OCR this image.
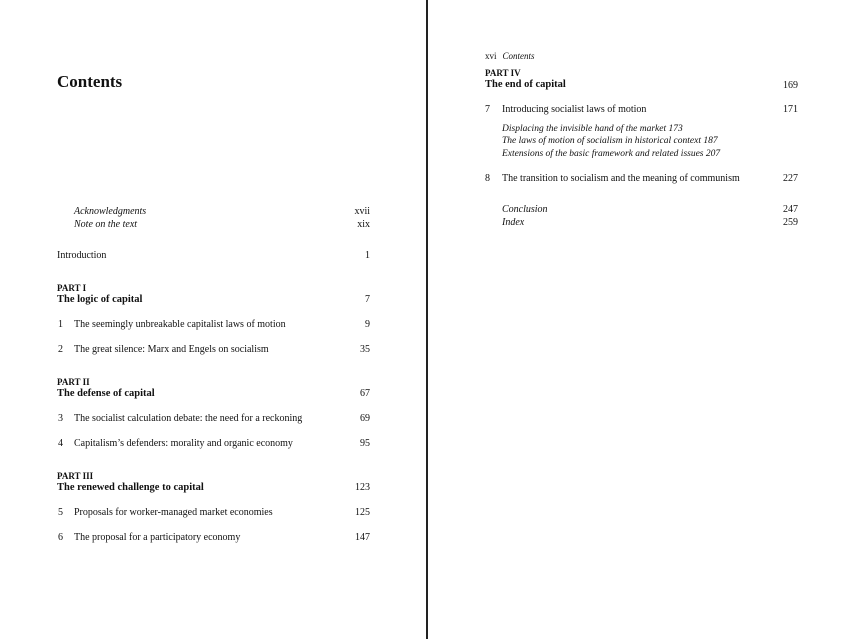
Contents
Acknowledgments	xvii
Note on the text	xix
Introduction	1
PART I
The logic of capital	7
1 The seemingly unbreakable capitalist laws of motion	9
2 The great silence: Marx and Engels on socialism	35
PART II
The defense of capital	67
3 The socialist calculation debate: the need for a reckoning	69
4 Capitalism’s defenders: morality and organic economy	95
PART III
The renewed challenge to capital	123
5 Proposals for worker-managed market economies	125
6 The proposal for a participatory economy	147
xvi Contents
PART IV
The end of capital	169
7 Introducing socialist laws of motion	171
Displacing the invisible hand of the market 173
The laws of motion of socialism in historical context 187
Extensions of the basic framework and related issues 207
8 The transition to socialism and the meaning of communism	227
Conclusion	247
Index	259
